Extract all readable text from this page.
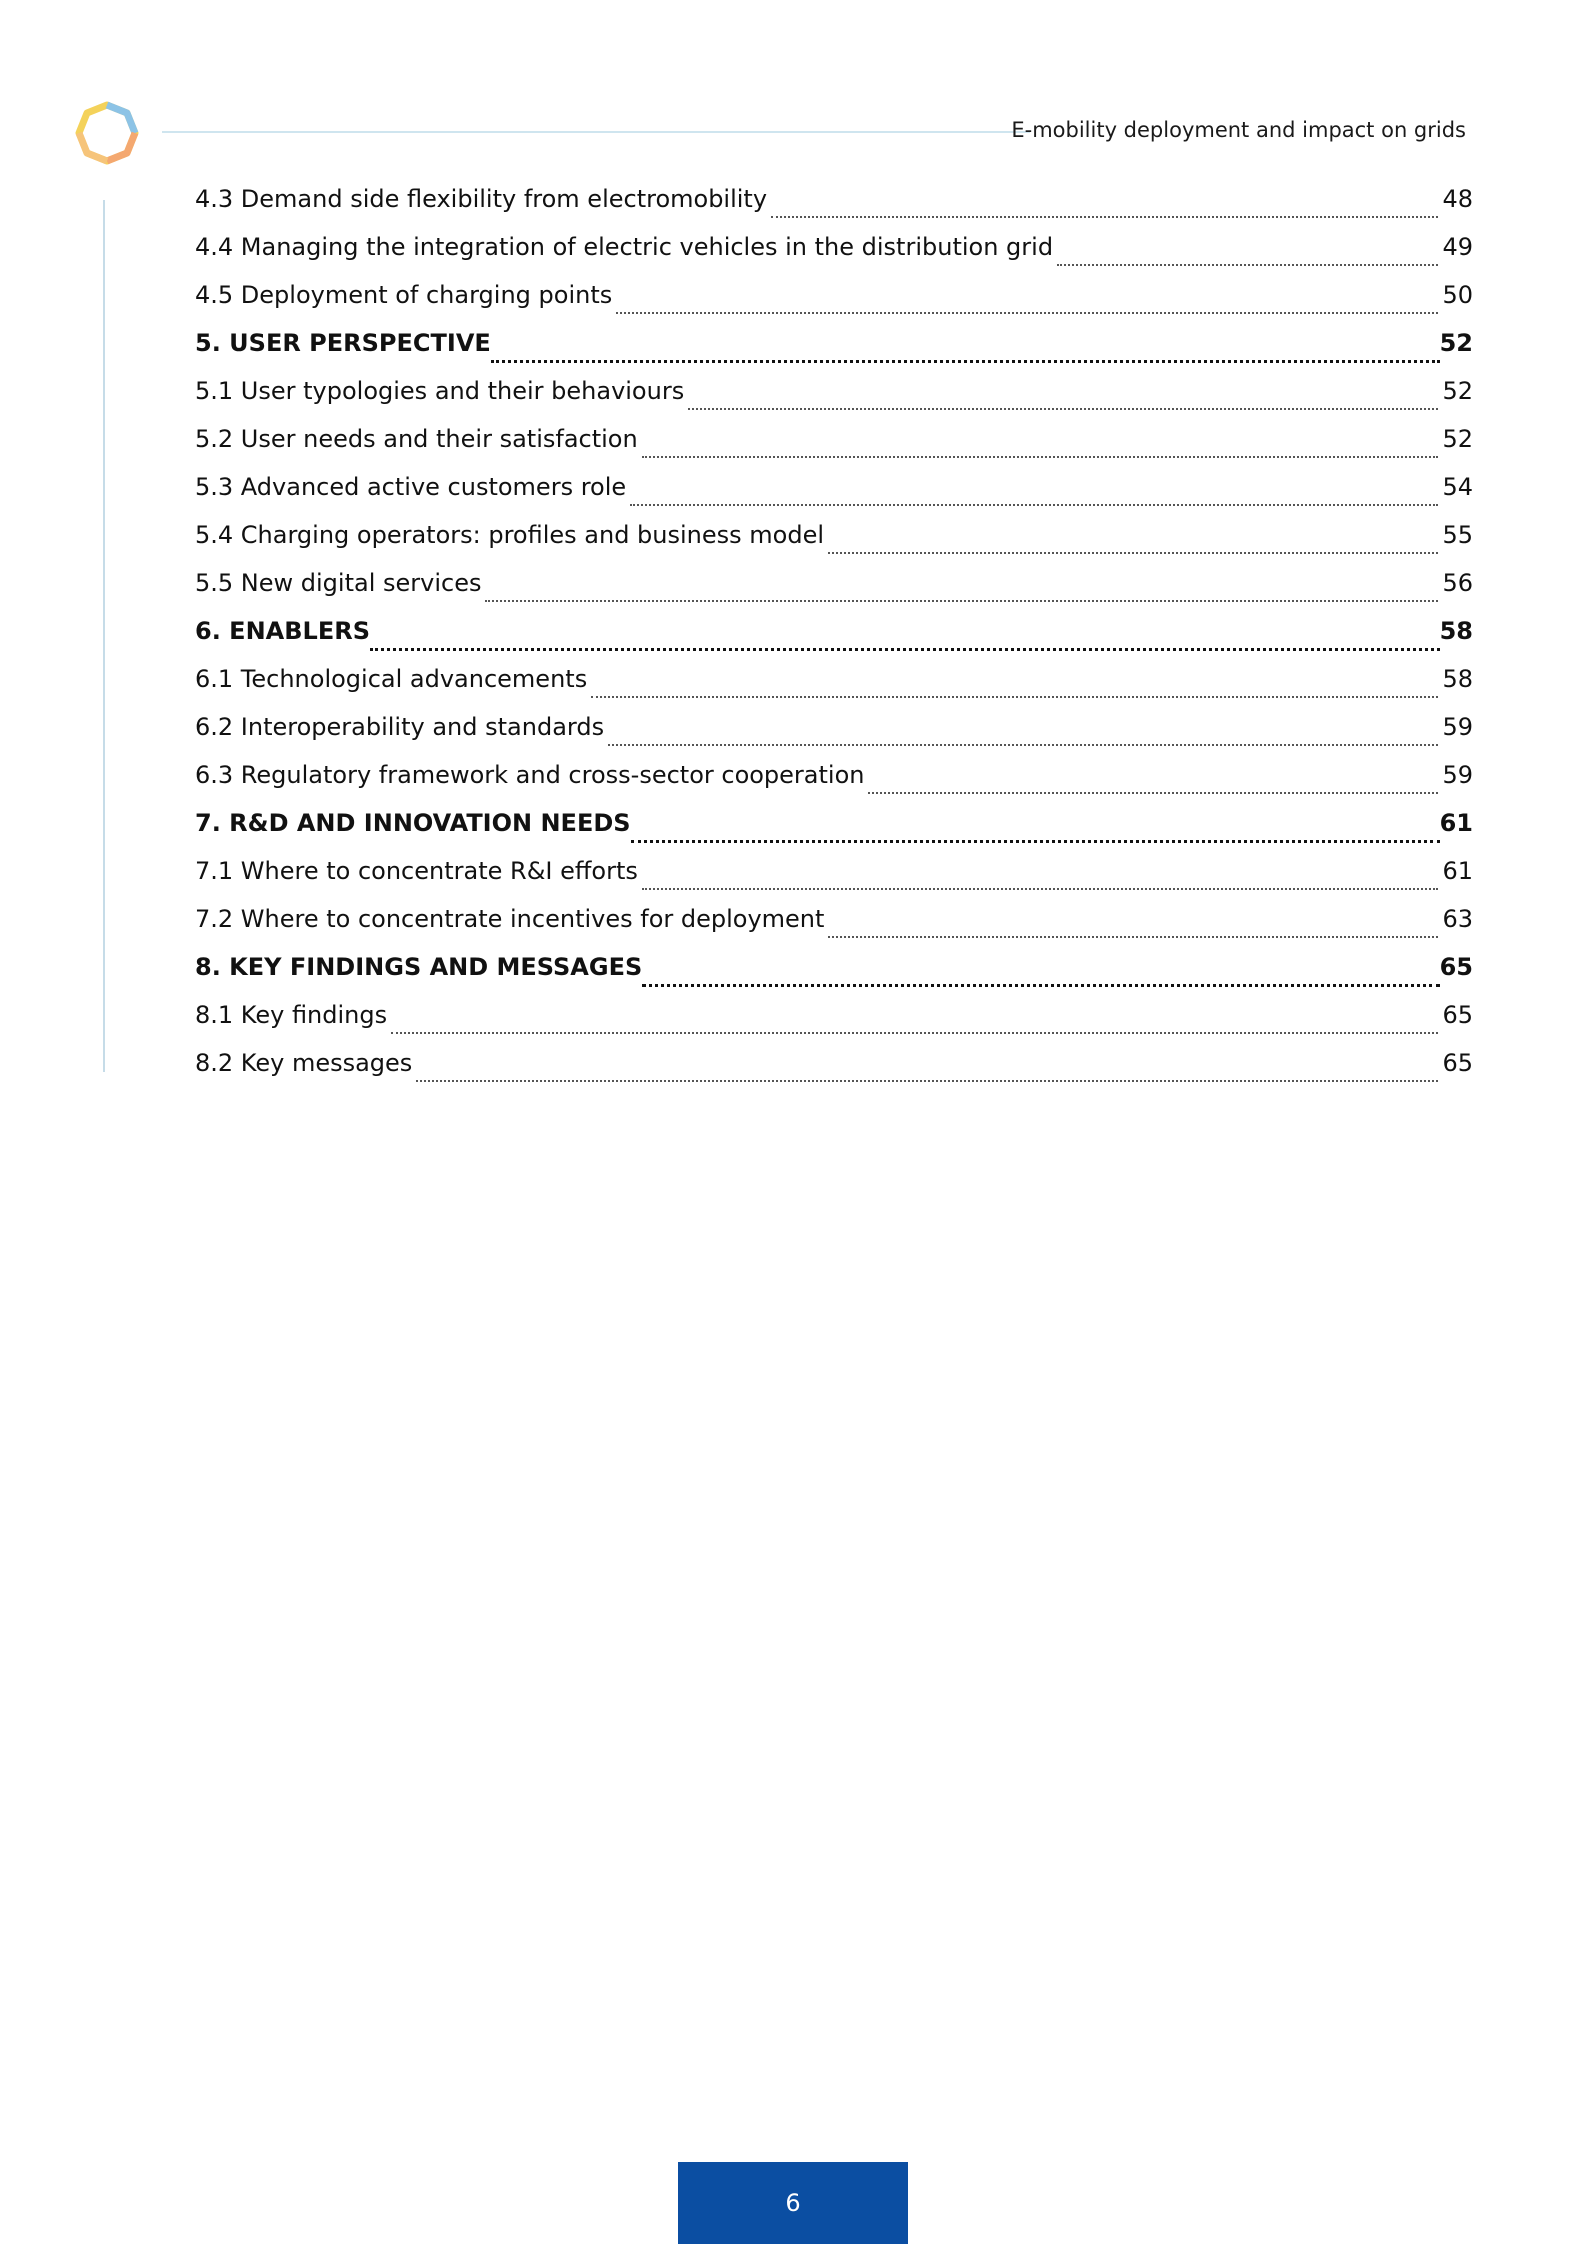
E-mobility deployment and impact on grids
4.3 Demand side flexibility from electromobility	48
4.4 Managing the integration of electric vehicles in the distribution grid	49
4.5 Deployment of charging points	50
5. USER PERSPECTIVE	52
5.1 User typologies and their behaviours	52
5.2 User needs and their satisfaction	52
5.3 Advanced active customers role	54
5.4 Charging operators: profiles and business model	55
5.5 New digital services	56
6. ENABLERS	58
6.1 Technological advancements	58
6.2 Interoperability and standards	59
6.3 Regulatory framework and cross-sector cooperation	59
7. R&D AND INNOVATION NEEDS	61
7.1 Where to concentrate R&I efforts	61
7.2 Where to concentrate incentives for deployment	63
8. KEY FINDINGS AND MESSAGES	65
8.1 Key findings	65
8.2 Key messages	65
6
